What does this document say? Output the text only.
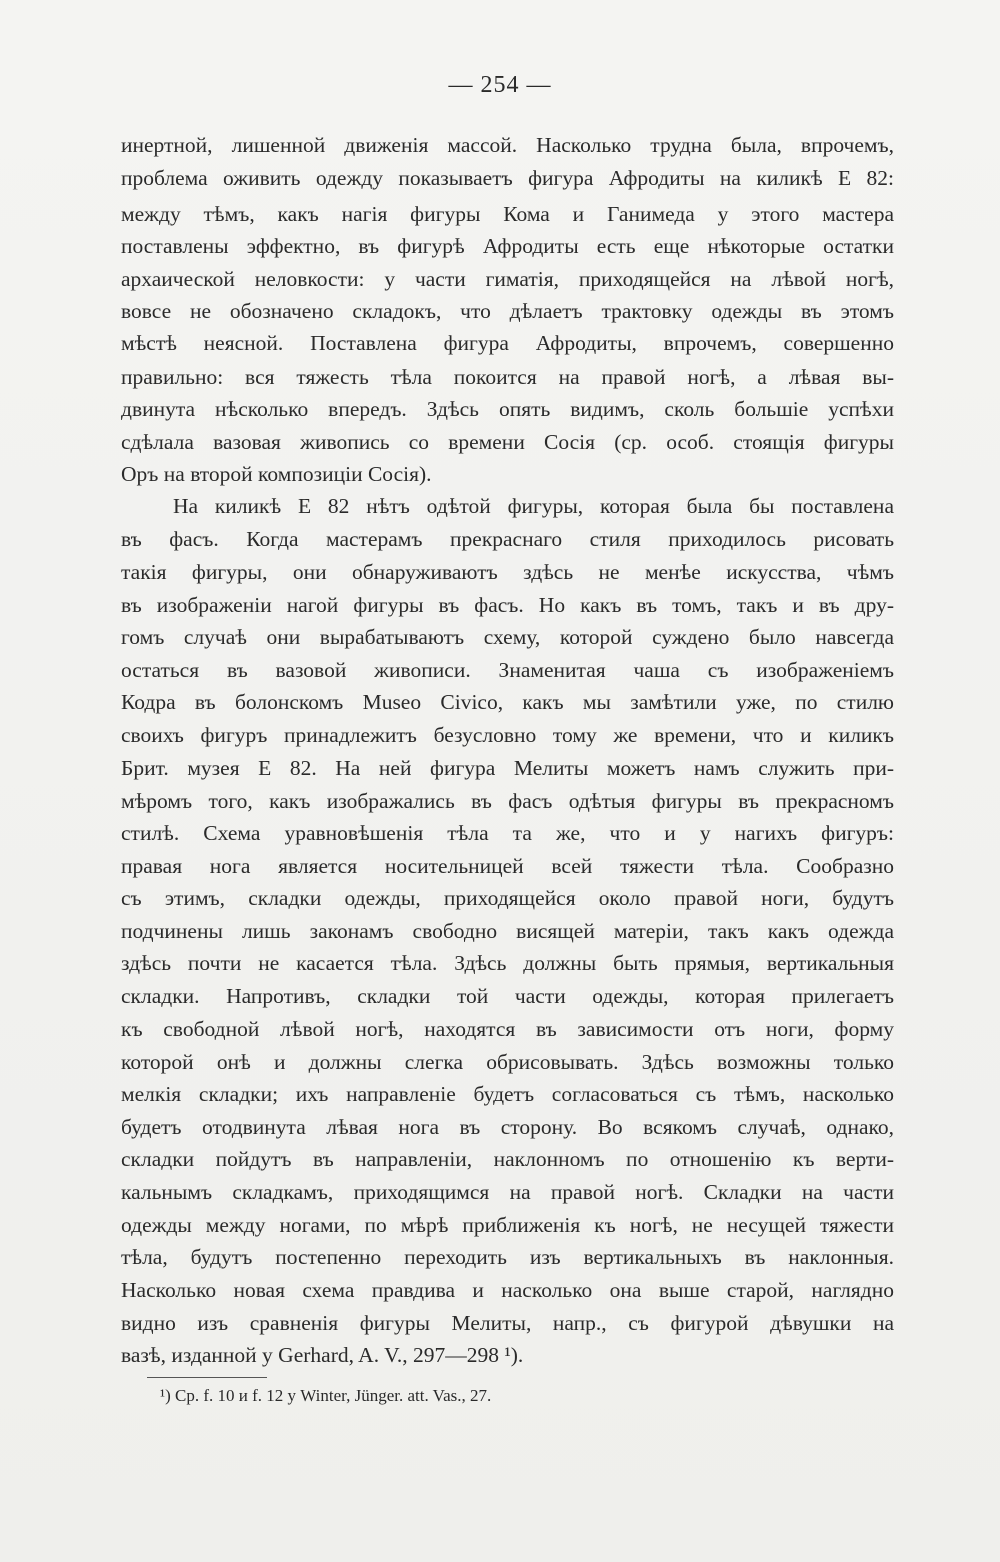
— 254 —
инертной, лишенной движенія массой. Насколько трудна была, впрочемъ,
проблема оживить одежду показываетъ фигура Афродиты на киликѣ E 82:
между тѣмъ, какъ нагія фигуры Кома и Ганимеда у этого мастера
поставлены эффектно, въ фигурѣ Афродиты есть еще нѣкоторые остатки
архаической неловкости: у части гиматія, приходящейся на лѣвой ногѣ,
вовсе не обозначено складокъ, что дѣлаетъ трактовку одежды въ этомъ
мѣстѣ неясной. Поставлена фигура Афродиты, впрочемъ, совершенно
правильно: вся тяжесть тѣла покоится на правой ногѣ, а лѣвая вы-
двинута нѣсколько впередъ. Здѣсь опять видимъ, сколь большіе успѣхи
сдѣлала вазовая живопись со времени Сосія (ср. особ. стоящія фигуры
Оръ на второй композиціи Сосія).
На киликѣ E 82 нѣтъ одѣтой фигуры, которая была бы поставлена
въ фасъ. Когда мастерамъ прекраснаго стиля приходилось рисовать
такія фигуры, они обнаруживаютъ здѣсь не менѣе искусства, чѣмъ
въ изображеніи нагой фигуры въ фасъ. Но какъ въ томъ, такъ и въ дру-
гомъ случаѣ они вырабатываютъ схему, которой суждено было навсегда
остаться въ вазовой живописи. Знаменитая чаша съ изображеніемъ
Кодра въ болонскомъ Museo Civico, какъ мы замѣтили уже, по стилю
своихъ фигуръ принадлежитъ безусловно тому же времени, что и киликъ
Брит. музея E 82. На ней фигура Мелиты можетъ намъ служить при-
мѣромъ того, какъ изображались въ фасъ одѣтыя фигуры въ прекрасномъ
стилѣ. Схема уравновѣшенія тѣла та же, что и у нагихъ фигуръ:
правая нога является носительницей всей тяжести тѣла. Сообразно
съ этимъ, складки одежды, приходящейся около правой ноги, будутъ
подчинены лишь законамъ свободно висящей матеріи, такъ какъ одежда
здѣсь почти не касается тѣла. Здѣсь должны быть прямыя, вертикальныя
складки. Напротивъ, складки той части одежды, которая прилегаетъ
къ свободной лѣвой ногѣ, находятся въ зависимости отъ ноги, форму
которой онѣ и должны слегка обрисовывать. Здѣсь возможны только
мелкія складки; ихъ направленіе будетъ согласоваться съ тѣмъ, насколько
будетъ отодвинута лѣвая нога въ сторону. Во всякомъ случаѣ, однако,
складки пойдутъ въ направленіи, наклонномъ по отношенію къ верти-
кальнымъ складкамъ, приходящимся на правой ногѣ. Складки на части
одежды между ногами, по мѣрѣ приближенія къ ногѣ, не несущей тяжести
тѣла, будутъ постепенно переходить изъ вертикальныхъ въ наклонныя.
Насколько новая схема правдива и насколько она выше старой, наглядно
видно изъ сравненія фигуры Мелиты, напр., съ фигурой дѣвушки на
вазѣ, изданной у Gerhard, A. V., 297—298 ¹).
¹) Ср. f. 10 и f. 12 у Winter, Jünger. att. Vas., 27.
